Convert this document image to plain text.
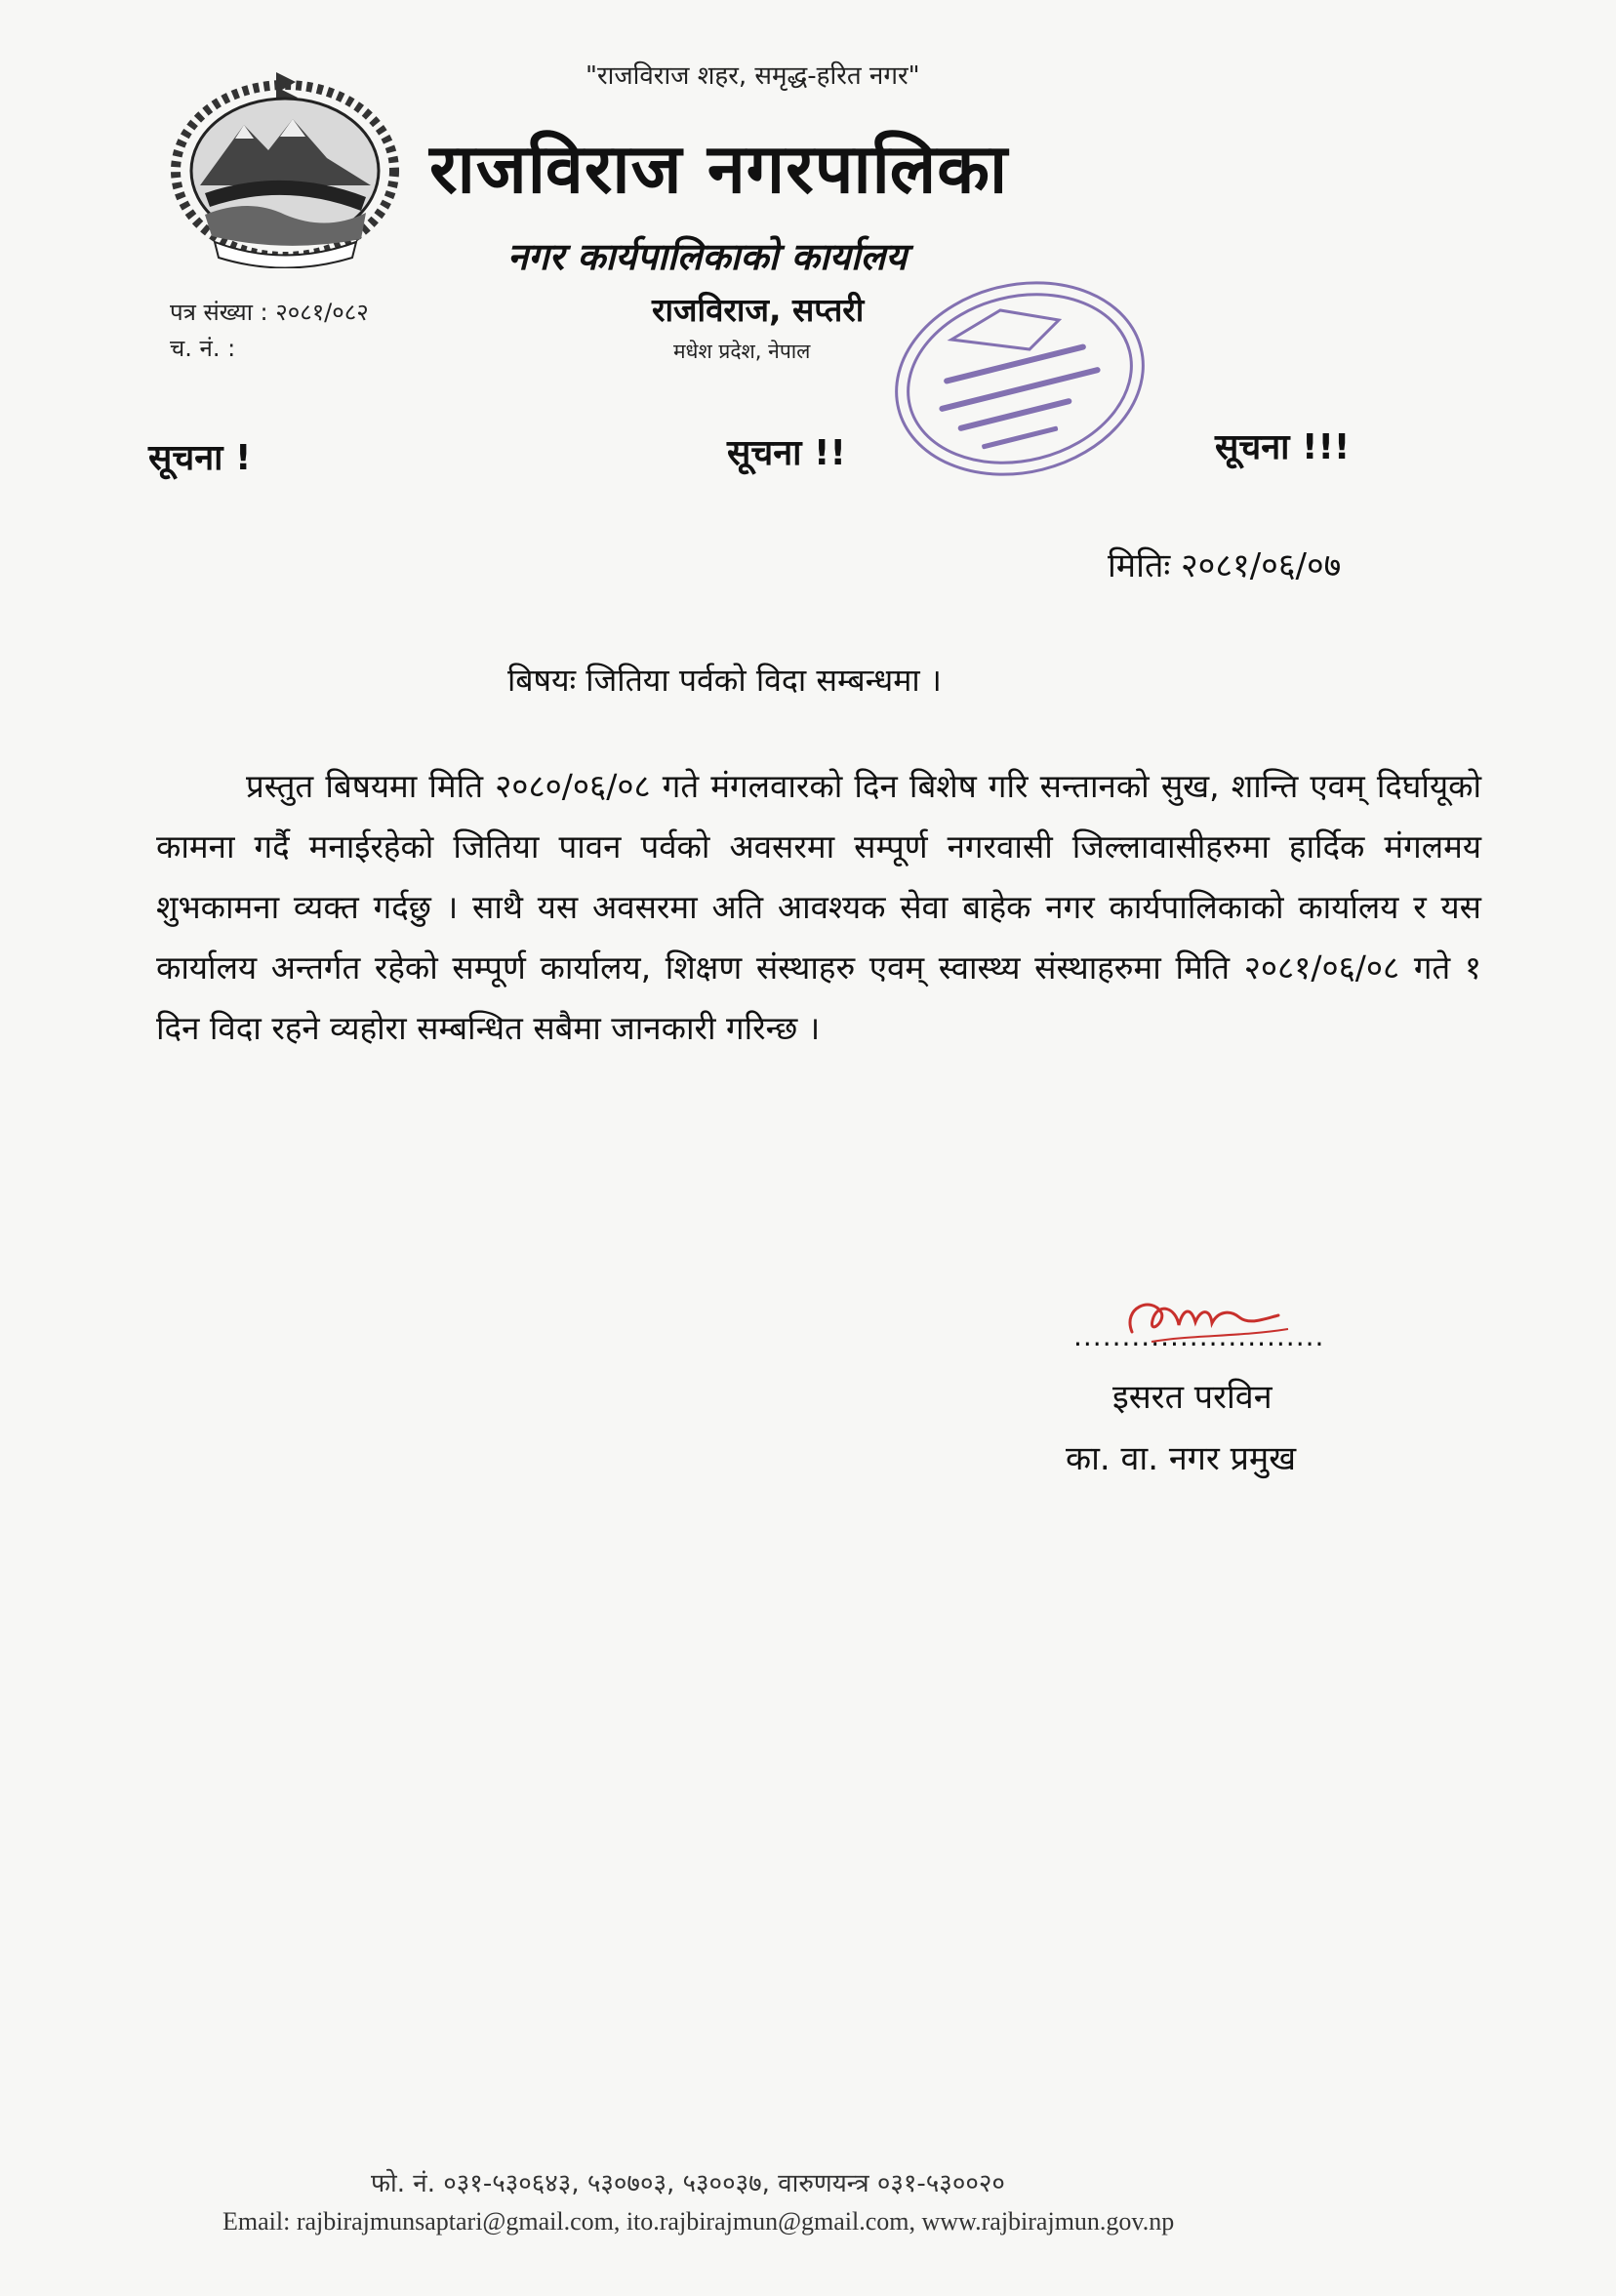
"राजविराज शहर, समृद्ध-हरित नगर"
राजविराज नगरपालिका
नगर कार्यपालिकाको कार्यालय
राजविराज, सप्तरी
मधेश प्रदेश, नेपाल
पत्र संख्या : २०८१/०८२
च. नं. :
सूचना !	सूचना !!	सूचना !!!
मितिः २०८१/०६/०७
बिषयः जितिया पर्वको विदा सम्बन्धमा ।
प्रस्तुत बिषयमा मिति २०८०/०६/०८ गते मंगलवारको दिन बिशेष गरि सन्तानको सुख, शान्ति एवम् दिर्घायूको कामना गर्दै मनाईरहेको जितिया पावन पर्वको अवसरमा सम्पूर्ण नगरवासी जिल्लावासीहरुमा हार्दिक मंगलमय शुभकामना व्यक्त गर्दछु । साथै यस अवसरमा अति आवश्यक सेवा बाहेक नगर कार्यपालिकाको कार्यालय र यस कार्यालय अन्तर्गत रहेको सम्पूर्ण कार्यालय, शिक्षण संस्थाहरु एवम् स्वास्थ्य संस्थाहरुमा मिति २०८१/०६/०८ गते १ दिन विदा रहने व्यहोरा सम्बन्धित सबैमा जानकारी गरिन्छ ।
..........................
इसरत परविन
का. वा. नगर प्रमुख
फो. नं. ०३१-५३०६४३, ५३०७०३, ५३००३७, वारुणयन्त्र ०३१-५३००२०
Email: rajbirajmunsaptari@gmail.com, ito.rajbirajmun@gmail.com, www.rajbirajmun.gov.np
